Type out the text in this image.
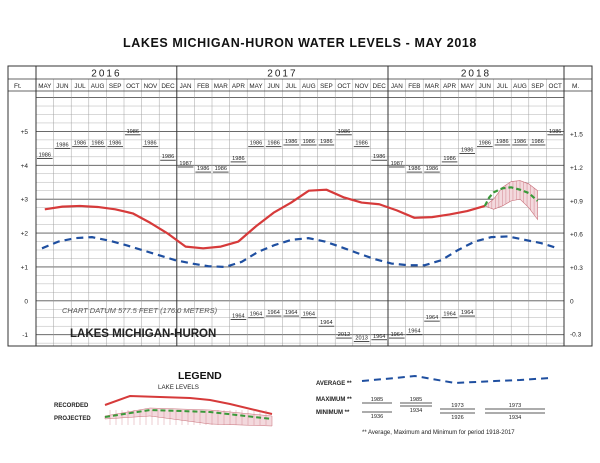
LAKES MICHIGAN-HURON WATER LEVELS - MAY 2018
2016	2017	2018
MAY JUN JUL AUG SEP OCT NOV DEC JAN FEB MAR APR MAY JUN JUL AUG SEP OCT NOV DEC JAN FEB MAR APR MAY JUN JUL AUG SEP OCT
Ft.	M.
+5
+4
+3
+2
+1
0
-1
+1.5
+1.2
+0.9
+0.6
+0.3
0
-0.3
1986
1986 1986 1986 1986
1986
1986
1986
1987
1986 1986
1986
1986 1986 1986 1986 1986
1986
1986
1986
1987
1986 1986
1986
1986
1986 1986 1986 1986
1986
1964 1964 1964 1964 1964
1964
2012
2013 1964 1964
1964
1964
1964 1964
CHART DATUM 577.5 FEET (176.0 METERS)
LAKES MICHIGAN-HURON
LEGEND
LAKE LEVELS
RECORDED
PROJECTED
AVERAGE **
MAXIMUM **
MINIMUM **
1985	1985
1973	1973
1936
1934
1926	1934
** Average, Maximum and Minimum for period 1918-2017
